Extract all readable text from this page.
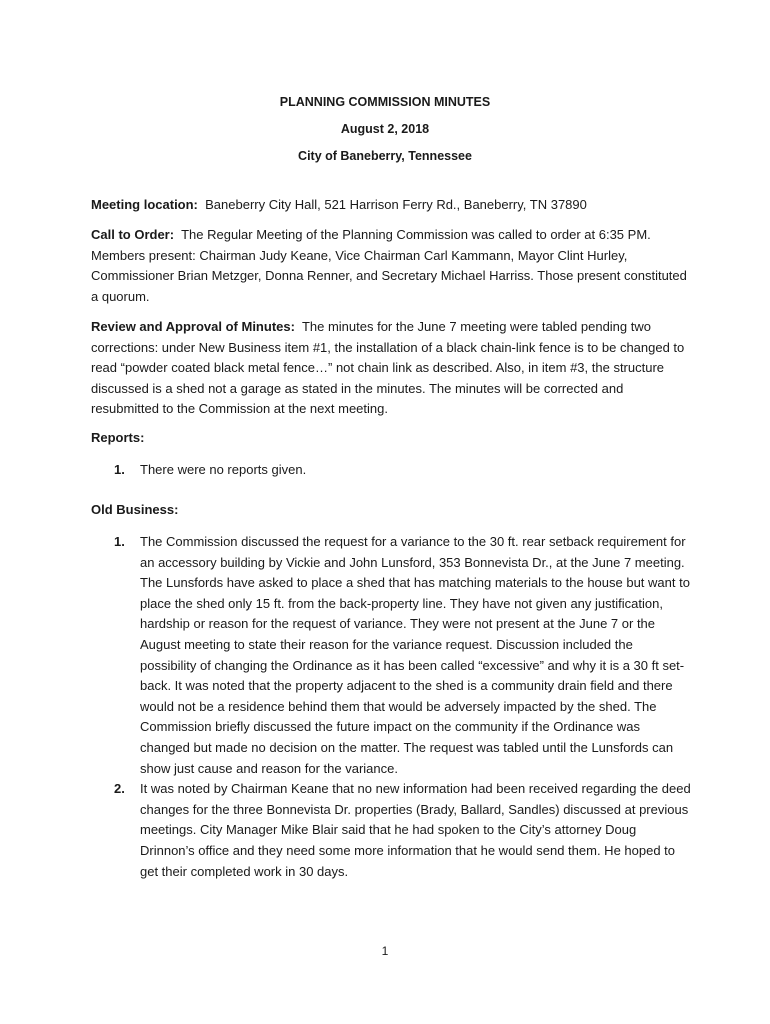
PLANNING COMMISSION MINUTES
August 2, 2018
City of Baneberry, Tennessee
Meeting location: Baneberry City Hall, 521 Harrison Ferry Rd., Baneberry, TN 37890
Call to Order: The Regular Meeting of the Planning Commission was called to order at 6:35 PM. Members present: Chairman Judy Keane, Vice Chairman Carl Kammann, Mayor Clint Hurley, Commissioner Brian Metzger, Donna Renner, and Secretary Michael Harriss. Those present constituted a quorum.
Review and Approval of Minutes: The minutes for the June 7 meeting were tabled pending two corrections: under New Business item #1, the installation of a black chain-link fence is to be changed to read “powder coated black metal fence…” not chain link as described. Also, in item #3, the structure discussed is a shed not a garage as stated in the minutes. The minutes will be corrected and resubmitted to the Commission at the next meeting.
Reports:
1. There were no reports given.
Old Business:
1. The Commission discussed the request for a variance to the 30 ft. rear setback requirement for an accessory building by Vickie and John Lunsford, 353 Bonnevista Dr., at the June 7 meeting. The Lunsfords have asked to place a shed that has matching materials to the house but want to place the shed only 15 ft. from the back-property line. They have not given any justification, hardship or reason for the request of variance. They were not present at the June 7 or the August meeting to state their reason for the variance request. Discussion included the possibility of changing the Ordinance as it has been called “excessive” and why it is a 30 ft set-back. It was noted that the property adjacent to the shed is a community drain field and there would not be a residence behind them that would be adversely impacted by the shed. The Commission briefly discussed the future impact on the community if the Ordinance was changed but made no decision on the matter. The request was tabled until the Lunsfords can show just cause and reason for the variance.
2. It was noted by Chairman Keane that no new information had been received regarding the deed changes for the three Bonnevista Dr. properties (Brady, Ballard, Sandles) discussed at previous meetings. City Manager Mike Blair said that he had spoken to the City’s attorney Doug Drinnon’s office and they need some more information that he would send them. He hoped to get their completed work in 30 days.
1
